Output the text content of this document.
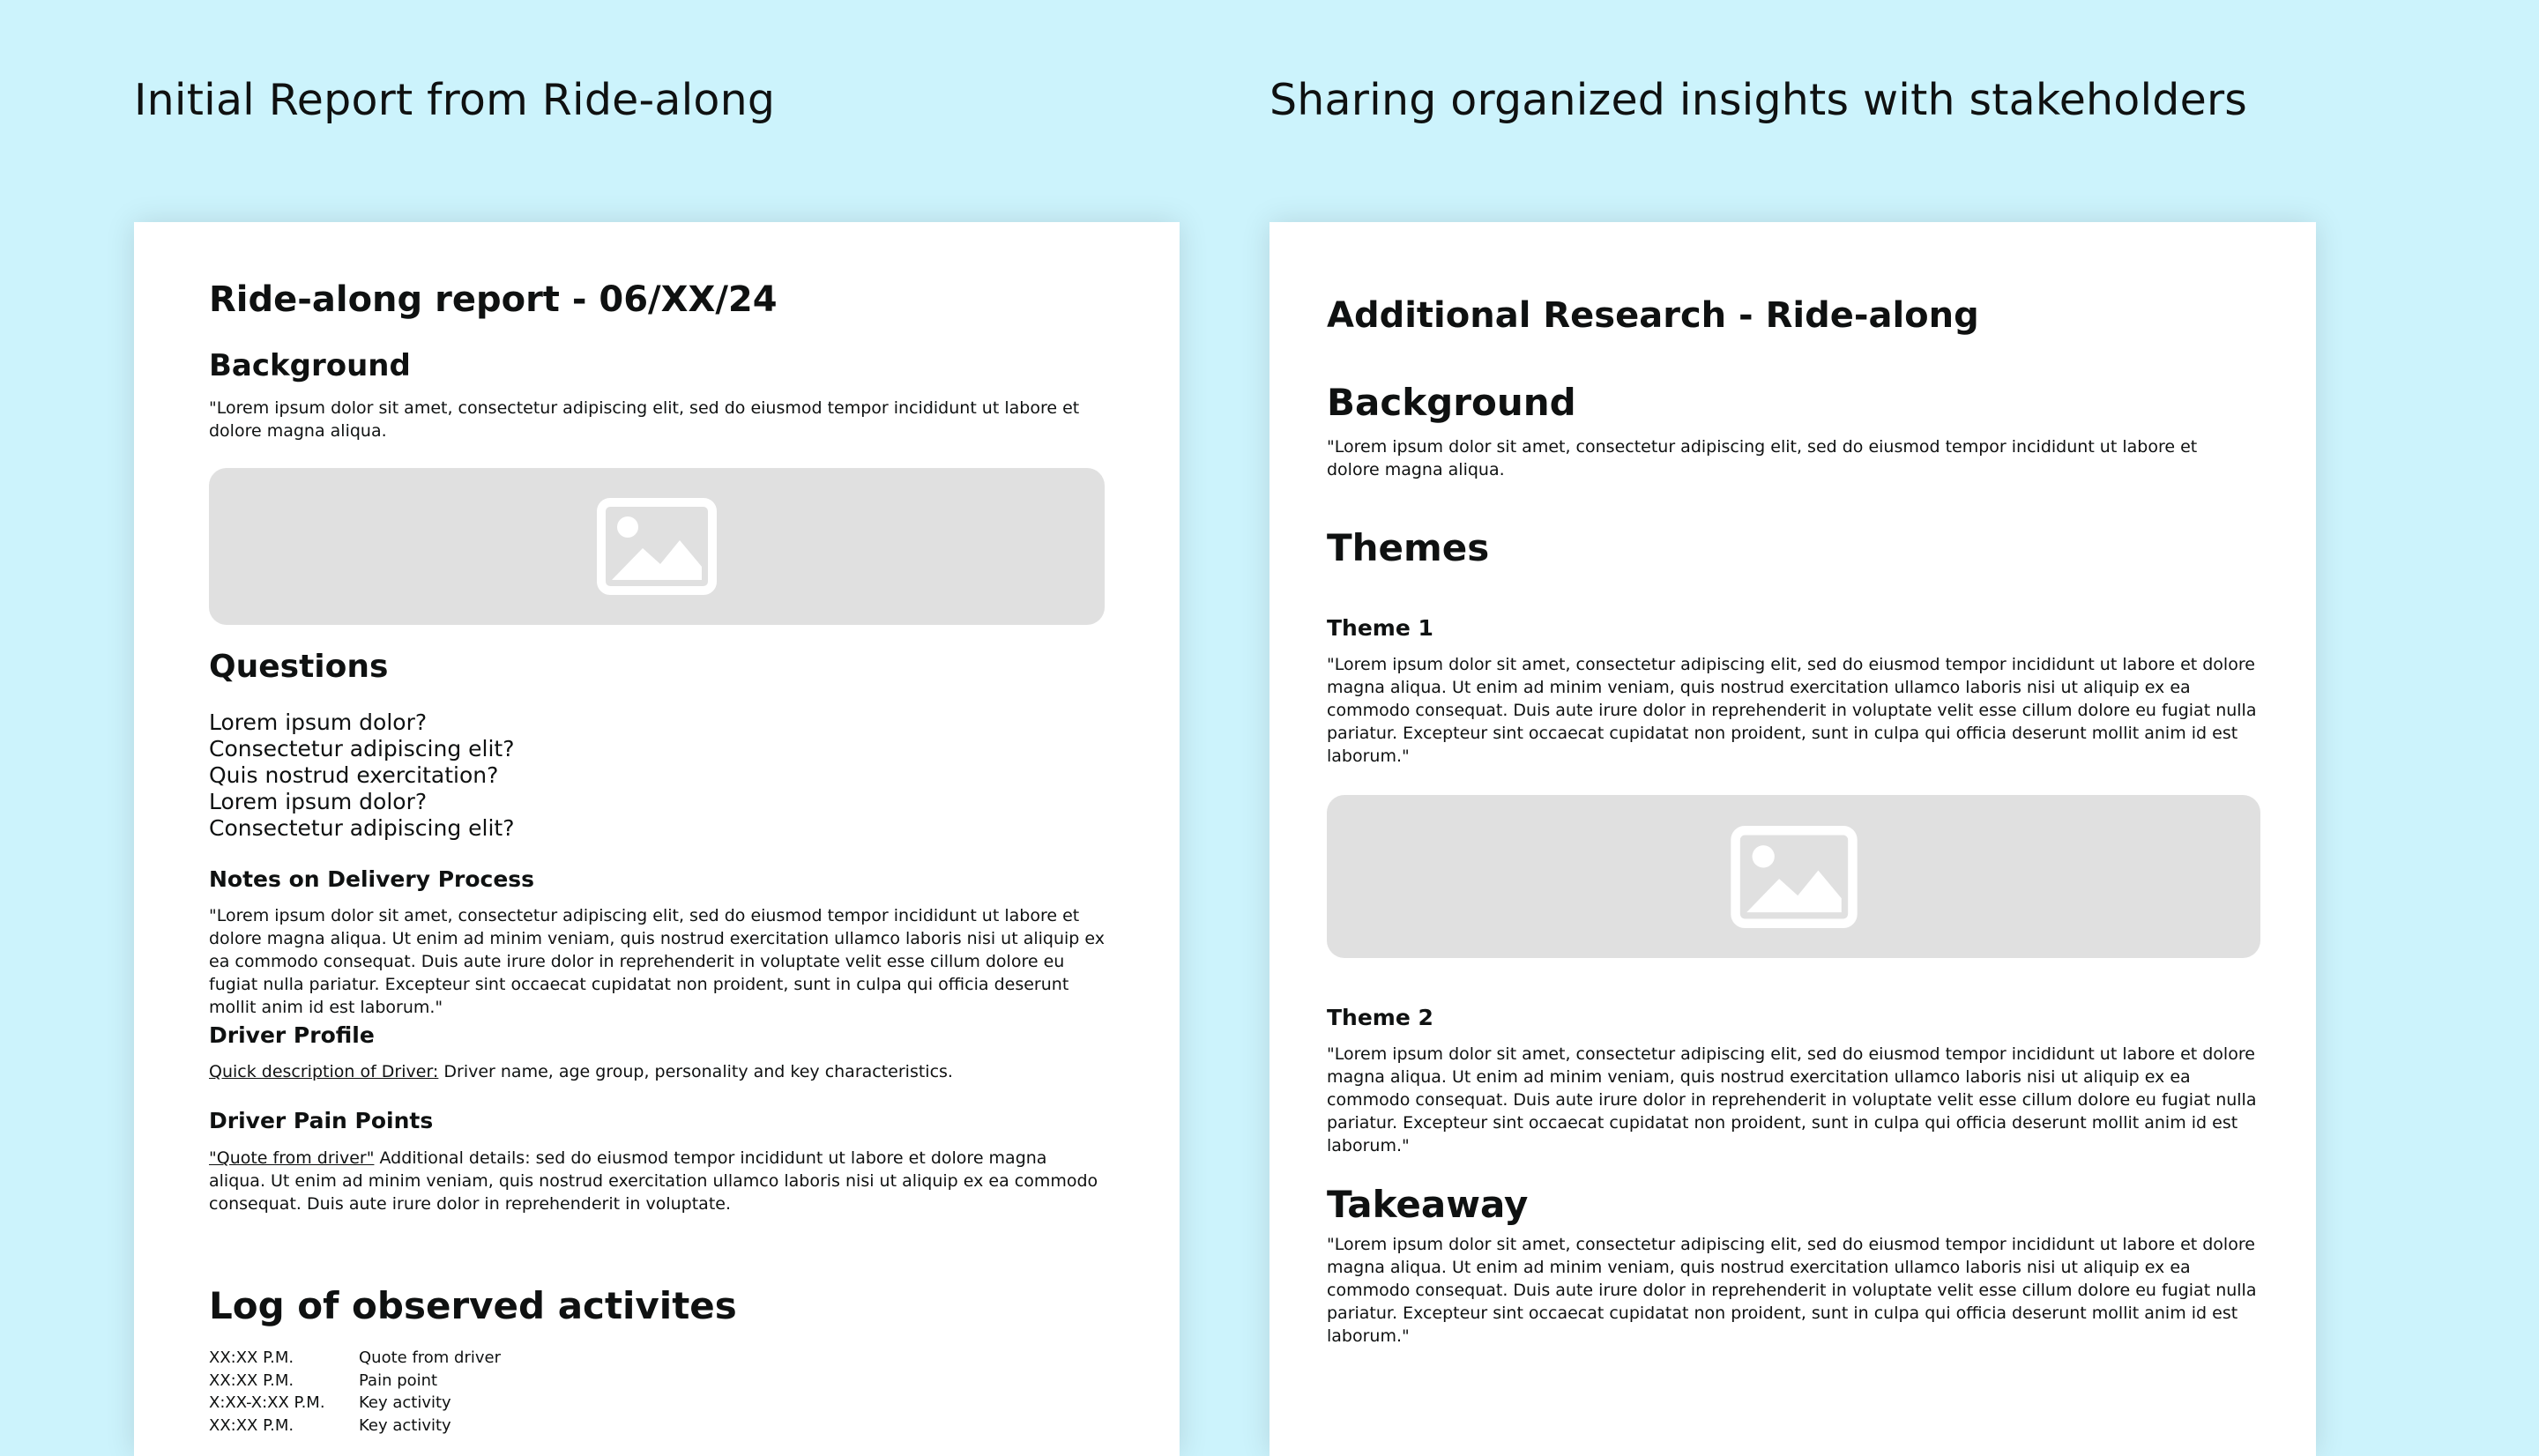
Initial Report from Ride-along	Sharing organized insights with stakeholders
Ride-along report - 06/XX/24
Background

"Lorem ipsum dolor sit amet, consectetur adipiscing elit, sed do eiusmod tempor incididunt ut labore et dolore magna aliqua.

Questions
Lorem ipsum dolor?
Consectetur adipiscing elit?
Quis nostrud exercitation?
Lorem ipsum dolor?
Consectetur adipiscing elit?
Notes on Delivery Process

"Lorem ipsum dolor sit amet, consectetur adipiscing elit, sed do eiusmod tempor incididunt ut labore et dolore magna aliqua. Ut enim ad minim veniam, quis nostrud exercitation ullamco laboris nisi ut aliquip ex ea commodo consequat. Duis aute irure dolor in reprehenderit in voluptate velit esse cillum dolore eu fugiat nulla pariatur. Excepteur sint occaecat cupidatat non proident, sunt in culpa qui officia deserunt mollit anim id est laborum."

Driver Profile

Quick description of Driver: Driver name, age group, personality and key characteristics.

Driver Pain Points

"Quote from driver" Additional details: sed do eiusmod tempor incididunt ut labore et dolore magna aliqua. Ut enim ad minim veniam, quis nostrud exercitation ullamco laboris nisi ut aliquip ex ea commodo consequat. Duis aute irure dolor in reprehenderit in voluptate.

Log of observed activites
XX:XX P.M.	Quote from driver
XX:XX P.M.	Pain point
X:XX-X:XX P.M.	Key activity
XX:XX P.M.	Key activity
Additional Research - Ride-along
Background

"Lorem ipsum dolor sit amet, consectetur adipiscing elit, sed do eiusmod tempor incididunt ut labore et dolore magna aliqua.

Themes
Theme 1

"Lorem ipsum dolor sit amet, consectetur adipiscing elit, sed do eiusmod tempor incididunt ut labore et dolore magna aliqua. Ut enim ad minim veniam, quis nostrud exercitation ullamco laboris nisi ut aliquip ex ea commodo consequat. Duis aute irure dolor in reprehenderit in voluptate velit esse cillum dolore eu fugiat nulla pariatur. Excepteur sint occaecat cupidatat non proident, sunt in culpa qui officia deserunt mollit anim id est laborum."

Theme 2

"Lorem ipsum dolor sit amet, consectetur adipiscing elit, sed do eiusmod tempor incididunt ut labore et dolore magna aliqua. Ut enim ad minim veniam, quis nostrud exercitation ullamco laboris nisi ut aliquip ex ea commodo consequat. Duis aute irure dolor in reprehenderit in voluptate velit esse cillum dolore eu fugiat nulla pariatur. Excepteur sint occaecat cupidatat non proident, sunt in culpa qui officia deserunt mollit anim id est laborum."

Takeaway

"Lorem ipsum dolor sit amet, consectetur adipiscing elit, sed do eiusmod tempor incididunt ut labore et dolore magna aliqua. Ut enim ad minim veniam, quis nostrud exercitation ullamco laboris nisi ut aliquip ex ea commodo consequat. Duis aute irure dolor in reprehenderit in voluptate velit esse cillum dolore eu fugiat nulla pariatur. Excepteur sint occaecat cupidatat non proident, sunt in culpa qui officia deserunt mollit anim id est laborum."
